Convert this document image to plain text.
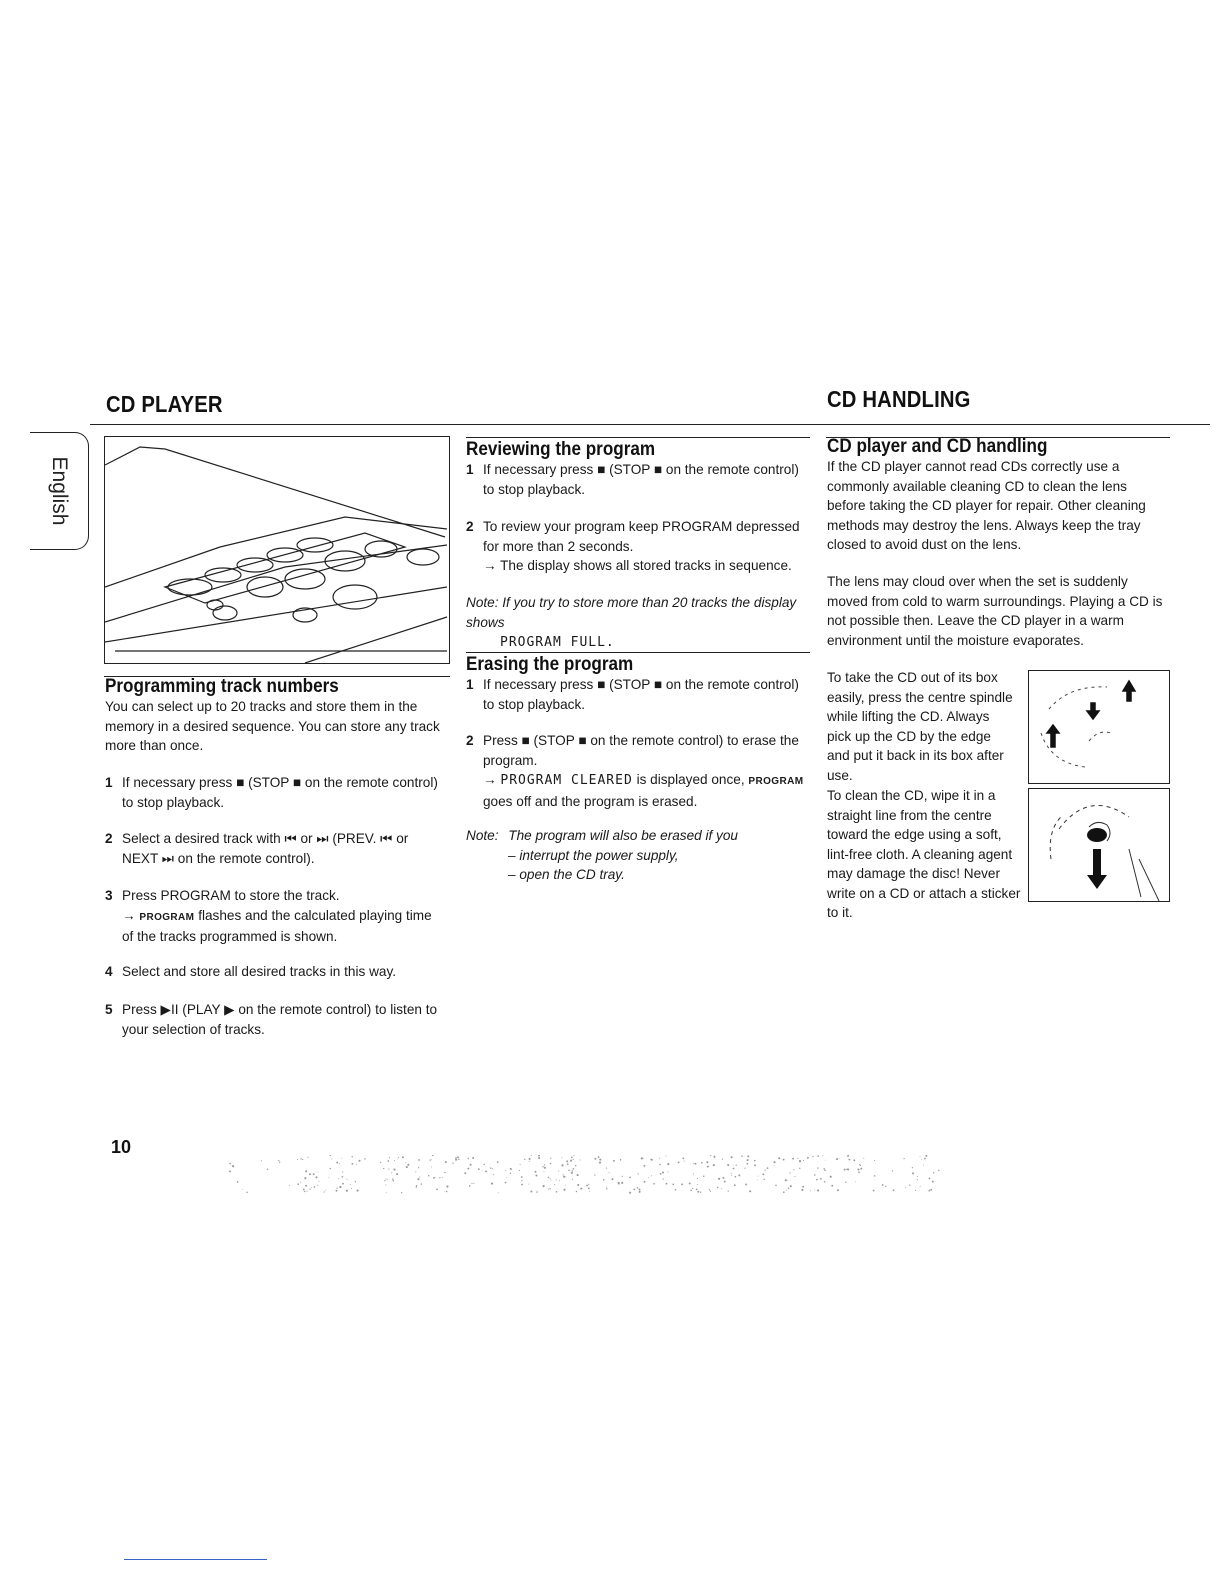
CD PLAYER	CD HANDLING
English
Programming track numbers
You can select up to 20 tracks and store them in the memory in a desired sequence. You can store any track more than once.
1 If necessary press ■ (STOP ■ on the remote control) to stop playback.
2 Select a desired track with ⏮ or ⏭ (PREV. ⏮ or NEXT ⏭ on the remote control).
3 Press PROGRAM to store the track.
→ PROGRAM flashes and the calculated playing time of the tracks programmed is shown.
4 Select and store all desired tracks in this way.
5 Press ▶II (PLAY ▶ on the remote control) to listen to your selection of tracks.
Reviewing the program
1 If necessary press ■ (STOP ■ on the remote control) to stop playback.
2 To review your program keep PROGRAM depressed for more than 2 seconds.
→ The display shows all stored tracks in sequence.
Note: If you try to store more than 20 tracks the display shows
PROGRAM FULL.
Erasing the program
1 If necessary press ■ (STOP ■ on the remote control) to stop playback.
2 Press ■ (STOP ■ on the remote control) to erase the program.
→ PROGRAM CLEARED is displayed once, PROGRAM goes off and the program is erased.
Note: The program will also be erased if you
– interrupt the power supply,
– open the CD tray.
CD player and CD handling
If the CD player cannot read CDs correctly use a commonly available cleaning CD to clean the lens before taking the CD player for repair. Other cleaning methods may destroy the lens. Always keep the tray closed to avoid dust on the lens.
The lens may cloud over when the set is suddenly moved from cold to warm surroundings. Playing a CD is not possible then. Leave the CD player in a warm environment until the moisture evaporates.
To take the CD out of its box easily, press the centre spindle while lifting the CD. Always pick up the CD by the edge and put it back in its box after use.
To clean the CD, wipe it in a straight line from the centre toward the edge using a soft, lint-free cloth. A cleaning agent may damage the disc! Never write on a CD or attach a sticker to it.
10
